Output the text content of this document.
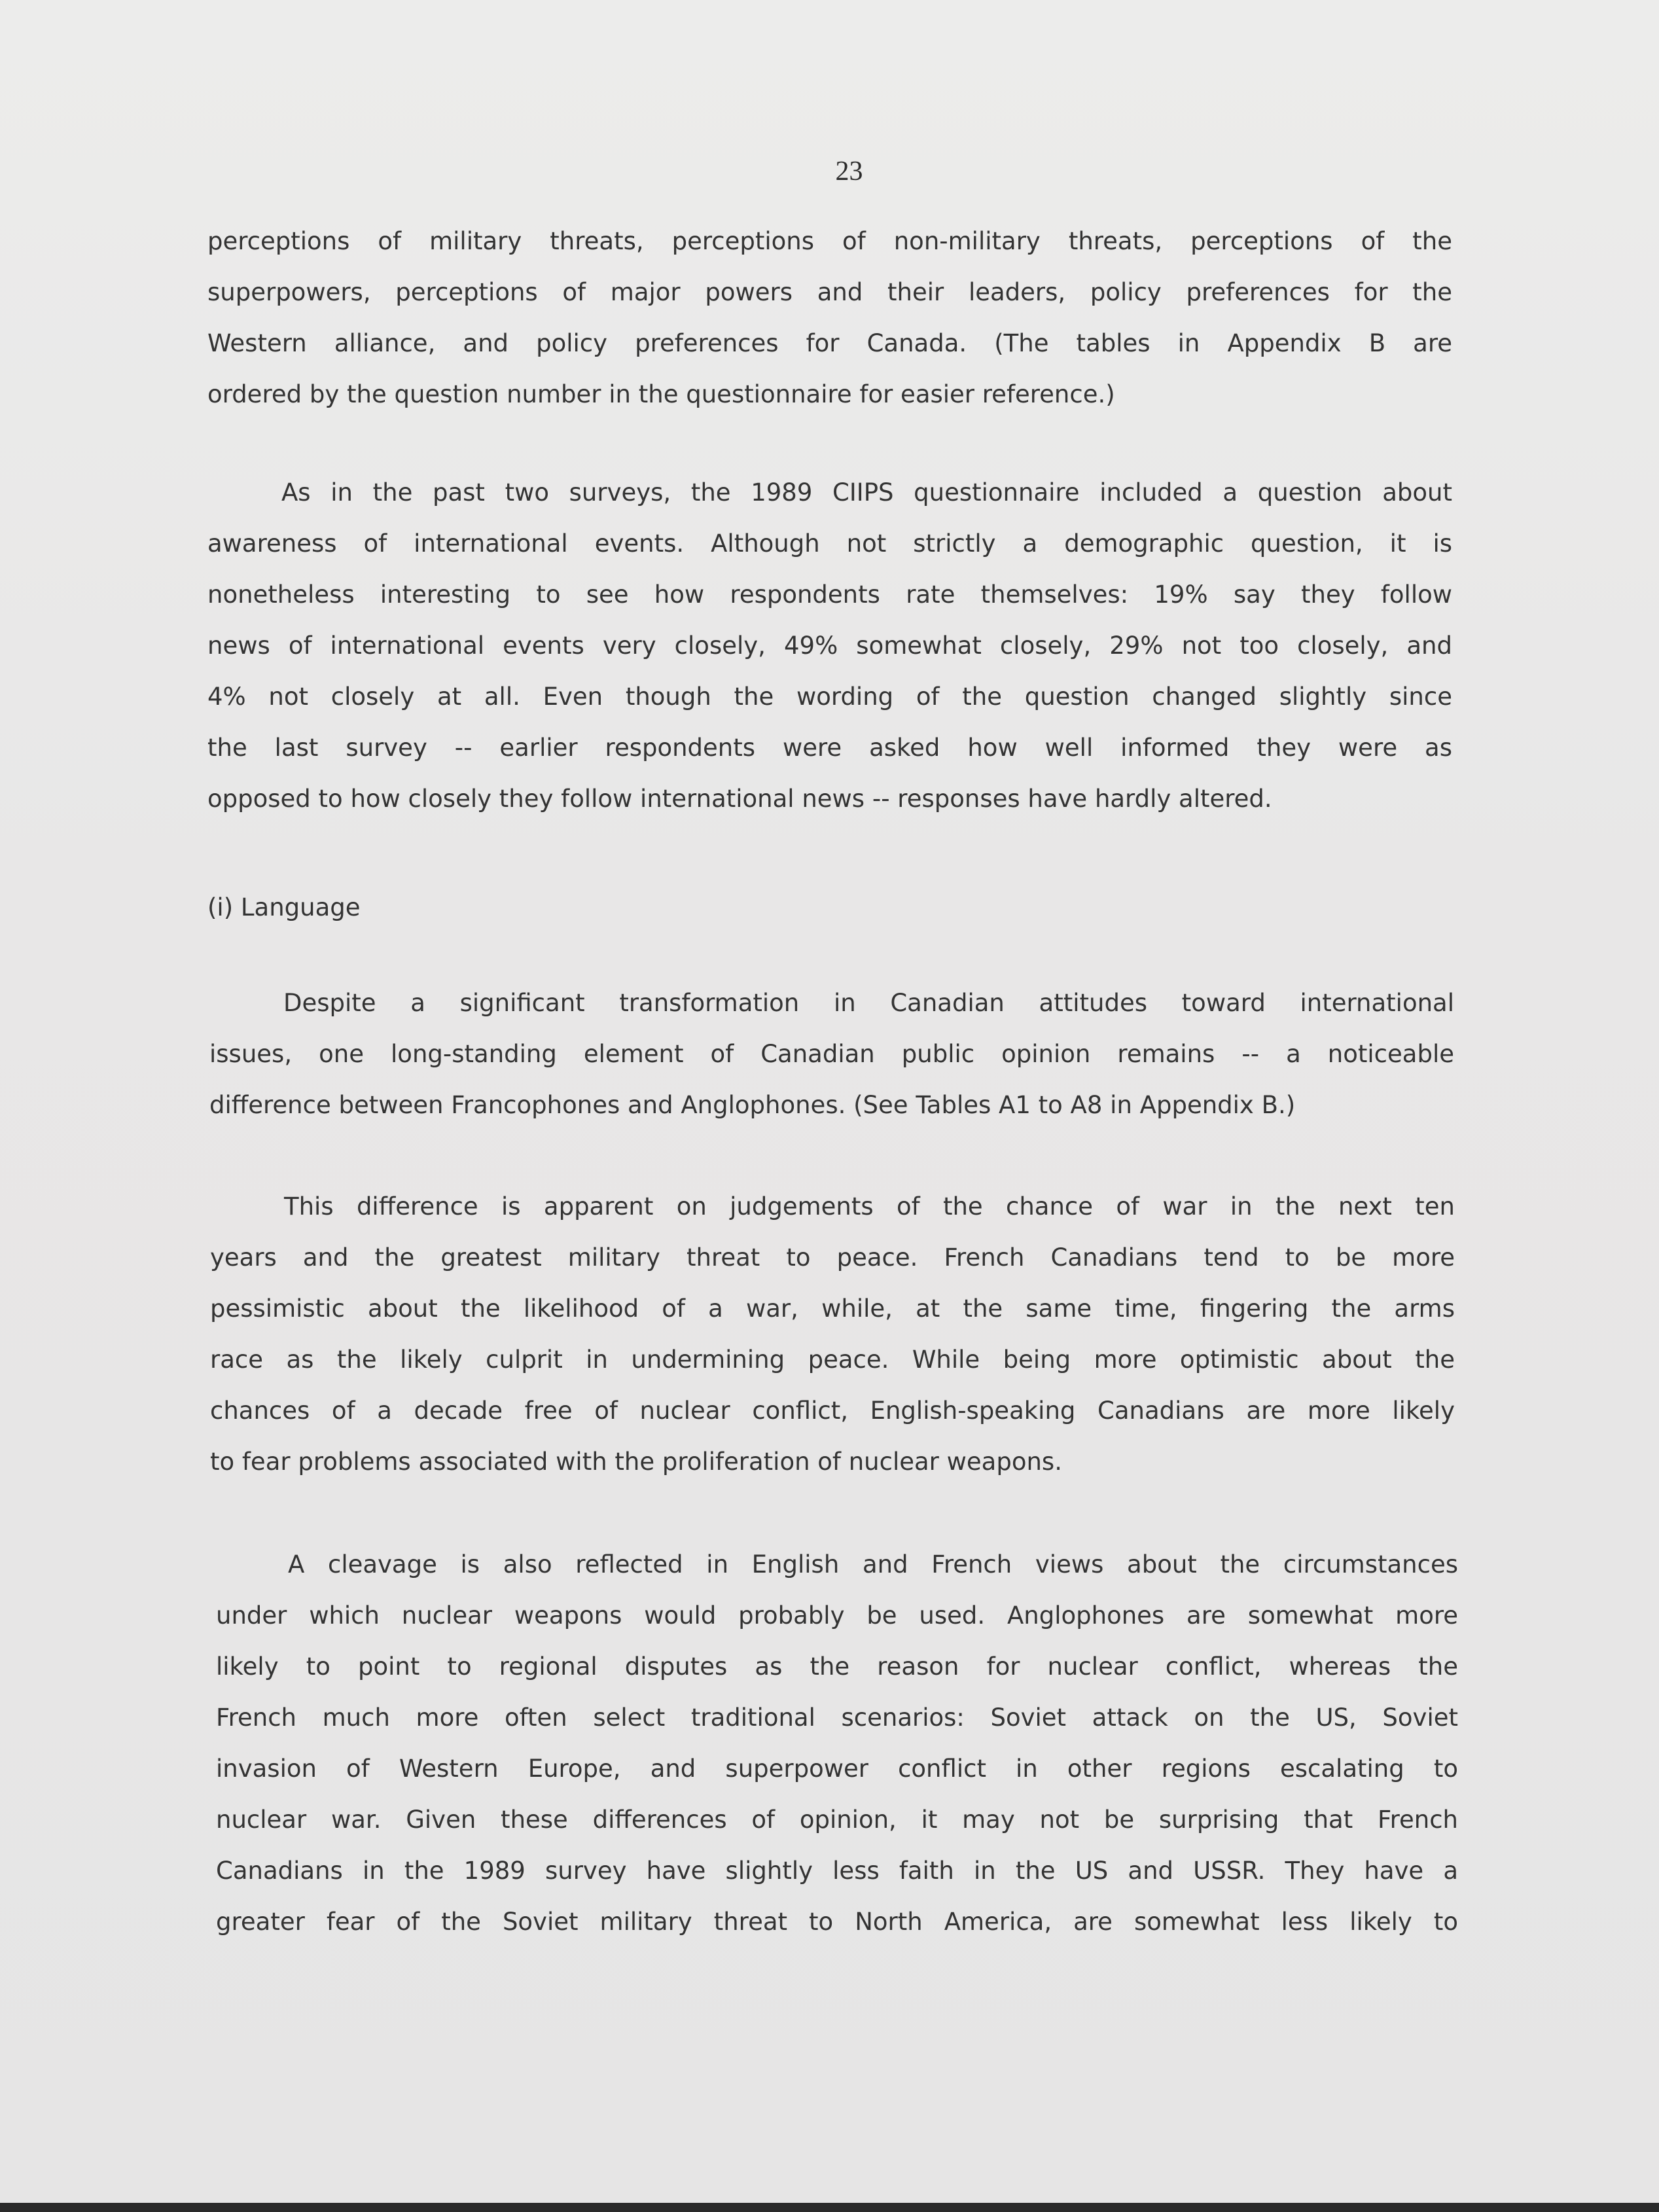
23
perceptions of military threats, perceptions of non-military threats, perceptions of the
superpowers, perceptions of major powers and their leaders, policy preferences for the
Western alliance, and policy preferences for Canada. (The tables in Appendix B are
ordered by the question number in the questionnaire for easier reference.)
As in the past two surveys, the 1989 CIIPS questionnaire included a question about
awareness of international events. Although not strictly a demographic question, it is
nonetheless interesting to see how respondents rate themselves: 19% say they follow
news of international events very closely, 49% somewhat closely, 29% not too closely, and
4% not closely at all. Even though the wording of the question changed slightly since
the last survey -- earlier respondents were asked how well informed they were as
opposed to how closely they follow international news -- responses have hardly altered.
(i) Language
Despite a significant transformation in Canadian attitudes toward international
issues, one long-standing element of Canadian public opinion remains -- a noticeable
difference between Francophones and Anglophones. (See Tables A1 to A8 in Appendix B.)
This difference is apparent on judgements of the chance of war in the next ten
years and the greatest military threat to peace. French Canadians tend to be more
pessimistic about the likelihood of a war, while, at the same time, fingering the arms
race as the likely culprit in undermining peace. While being more optimistic about the
chances of a decade free of nuclear conflict, English-speaking Canadians are more likely
to fear problems associated with the proliferation of nuclear weapons.
A cleavage is also reflected in English and French views about the circumstances
under which nuclear weapons would probably be used. Anglophones are somewhat more
likely to point to regional disputes as the reason for nuclear conflict, whereas the
French much more often select traditional scenarios: Soviet attack on the US, Soviet
invasion of Western Europe, and superpower conflict in other regions escalating to
nuclear war. Given these differences of opinion, it may not be surprising that French
Canadians in the 1989 survey have slightly less faith in the US and USSR. They have a
greater fear of the Soviet military threat to North America, are somewhat less likely to
